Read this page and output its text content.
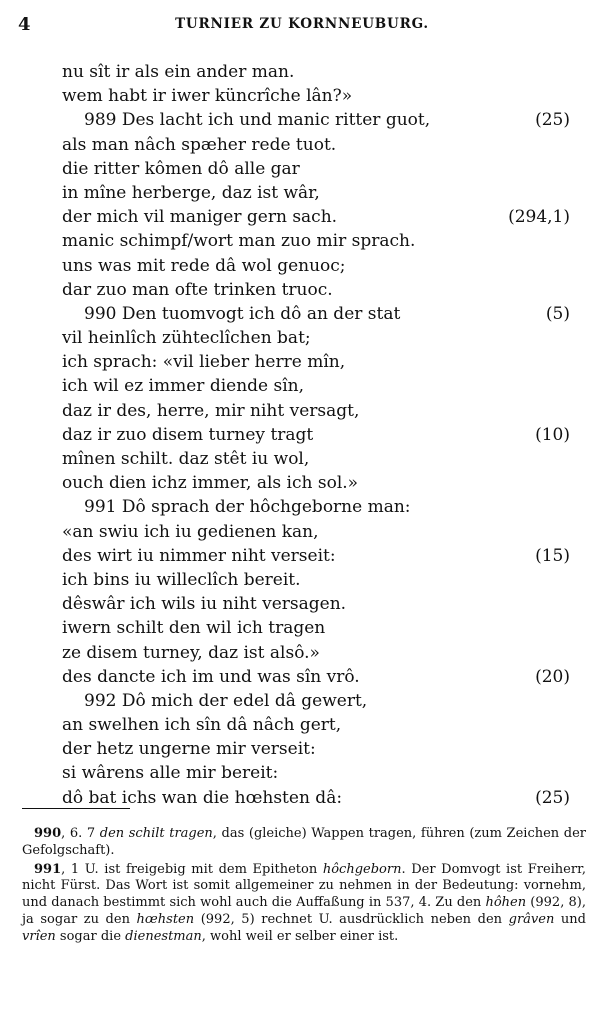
4	TURNIER ZU KORNNEUBURG.
nu sît ir als ein ander man.
wem habt ir iwer küncrîche lân?»
989 Des lacht ich und manic ritter guot,	(25)
als man nâch spæher rede tuot.
die ritter kômen dô alle gar
in mîne herberge, daz ist wâr,
der mich vil maniger gern sach.	(294,1)
manic schimpf/wort man zuo mir sprach.
uns was mit rede dâ wol genuoc;
dar zuo man ofte trinken truoc.
990 Den tuomvogt ich dô an der stat	(5)
vil heinlîch zühteclîchen bat;
ich sprach: «vil lieber herre mîn,
ich wil ez immer diende sîn,
daz ir des, herre, mir niht versagt,
daz ir zuo disem turney tragt	(10)
mînen schilt. daz stêt iu wol,
ouch dien ichz immer, als ich sol.»
991 Dô sprach der hôchgeborne man:
«an swiu ich iu gedienen kan,
des wirt iu nimmer niht verseit:	(15)
ich bins iu willeclîch bereit.
dêswâr ich wils iu niht versagen.
iwern schilt den wil ich tragen
ze disem turney, daz ist alsô.»
des dancte ich im und was sîn vrô.	(20)
992 Dô mich der edel dâ gewert,
an swelhen ich sîn dâ nâch gert,
der hetz ungerne mir verseit:
si wârens alle mir bereit:
dô bat ichs wan die hœhsten dâ:	(25)

990, 6. 7 den schilt tragen, das (gleiche) Wappen tragen, führen (zum Zeichen der Gefolgschaft).

991, 1 U. ist freigebig mit dem Epitheton hôchgeborn. Der Domvogt ist Freiherr, nicht Fürst. Das Wort ist somit allgemeiner zu nehmen in der Bedeutung: vornehm, und danach bestimmt sich wohl auch die Auffaßung in 537, 4. Zu den hôhen (992, 8), ja sogar zu den hœhsten (992, 5) rechnet U. ausdrücklich neben den grâven und vrîen sogar die dienestman, wohl weil er selber einer ist.
